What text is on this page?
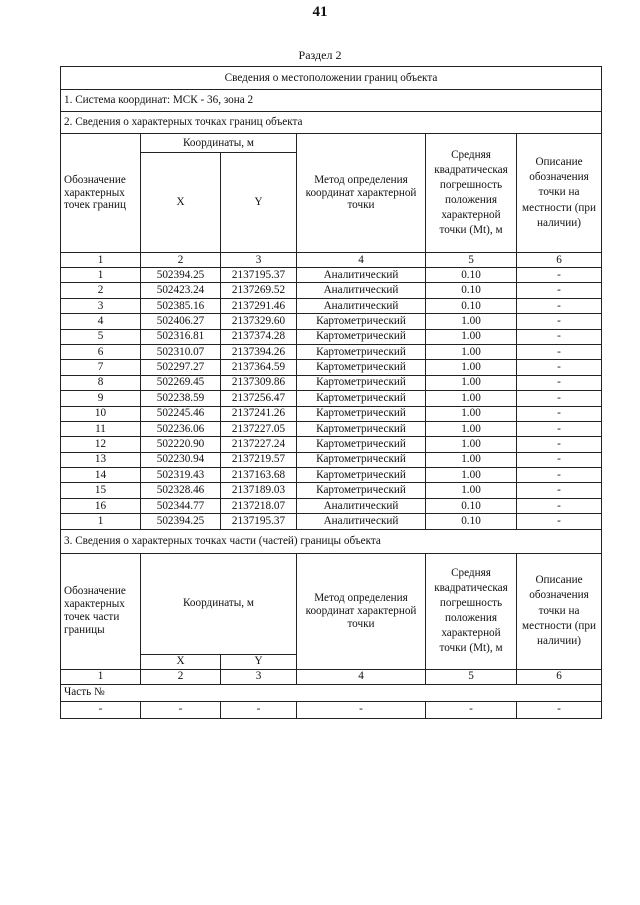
41
Раздел 2
Сведения о местоположении границ объекта					
1. Система координат: МСК - 36, зона 2					
2. Сведения о характерных точках границ объекта					
Обозначение характерных точек границ	Координаты, м		Метод определения координат характерной точки	Средняя квадратическая погрешность положения характерной точки (Mt), м	Описание обозначения точки на местности (при наличии)
	X	Y			
1	2	3	4	5	6
1	502394.25	2137195.37	Аналитический	0.10	-
2	502423.24	2137269.52	Аналитический	0.10	-
3	502385.16	2137291.46	Аналитический	0.10	-
4	502406.27	2137329.60	Картометрический	1.00	-
5	502316.81	2137374.28	Картометрический	1.00	-
6	502310.07	2137394.26	Картометрический	1.00	-
7	502297.27	2137364.59	Картометрический	1.00	-
8	502269.45	2137309.86	Картометрический	1.00	-
9	502238.59	2137256.47	Картометрический	1.00	-
10	502245.46	2137241.26	Картометрический	1.00	-
11	502236.06	2137227.05	Картометрический	1.00	-
12	502220.90	2137227.24	Картометрический	1.00	-
13	502230.94	2137219.57	Картометрический	1.00	-
14	502319.43	2137163.68	Картометрический	1.00	-
15	502328.46	2137189.03	Картометрический	1.00	-
16	502344.77	2137218.07	Аналитический	0.10	-
1	502394.25	2137195.37	Аналитический	0.10	-
3. Сведения о характерных точках части (частей) границы объекта					
Обозначение характерных точек части границы	Координаты, м		Метод определения координат характерной точки	Средняя квадратическая погрешность положения характерной точки (Mt), м	Описание обозначения точки на местности (при наличии)
	X	Y			
1	2	3	4	5	6
Часть №					
-	-	-	-	-	-
